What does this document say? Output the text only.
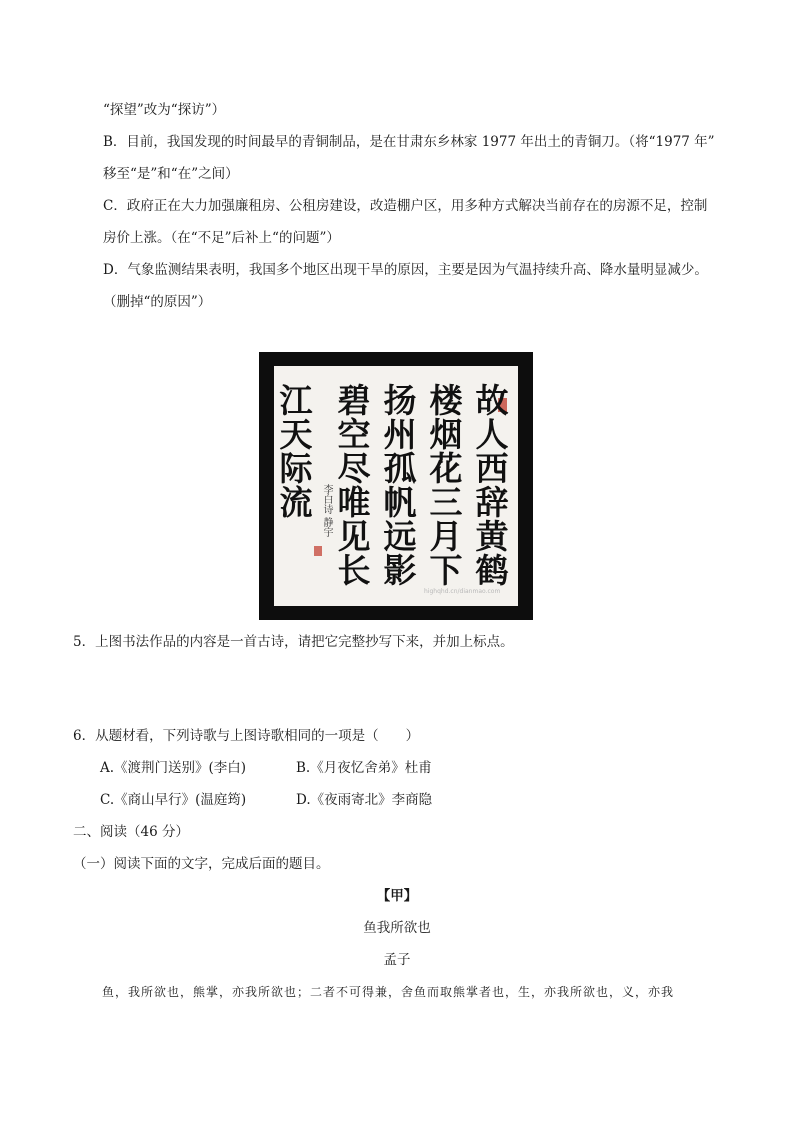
“探望”改为“探访”）
B．目前，我国发现的时间最早的青铜制品，是在甘肃东乡林家 1977 年出土的青铜刀。（将“1977 年”
移至“是”和“在”之间）
C．政府正在大力加强廉租房、公租房建设，改造棚户区，用多种方式解决当前存在的房源不足，控制
房价上涨。（在“不足”后补上“的问题”）
D．气象监测结果表明，我国多个地区出现干旱的原因，主要是因为气温持续升高、降水量明显减少。
（删掉“的原因”）
故
人
西
辞
黄
鹤
楼
烟
花
三
月
下
扬
州
孤
帆
远
影
碧
空
尽
唯
见
长
江
天
际
流 李白诗 静宇
highqhd.cn/dianmao.com
5．上图书法作品的内容是一首古诗，请把它完整抄写下来，并加上标点。
6．从题材看，下列诗歌与上图诗歌相同的一项是（　　）
A.《渡荆门送别》(李白)	B.《月夜忆舍弟》杜甫
C.《商山早行》(温庭筠)	D.《夜雨寄北》李商隐
二、阅读（46 分）
（一）阅读下面的文字，完成后面的题目。
【甲】
鱼我所欲也
孟子
鱼，我所欲也，熊掌，亦我所欲也；二者不可得兼，舍鱼而取熊掌者也，生，亦我所欲也，义，亦我
